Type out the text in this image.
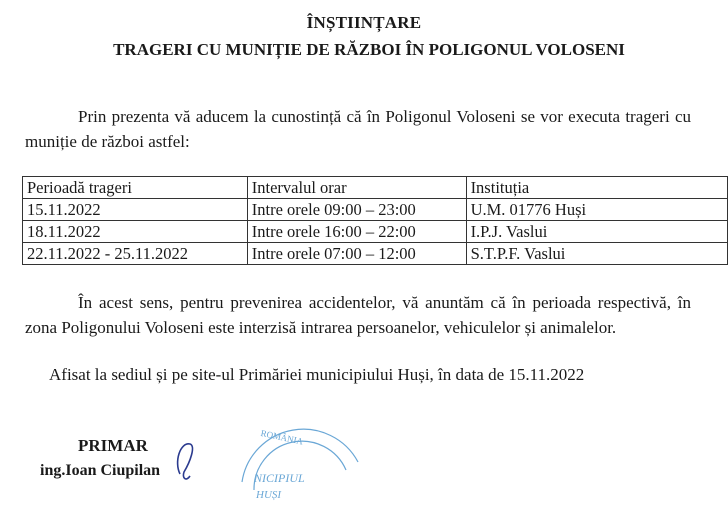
ÎNȘTIINȚARE
TRAGERI CU MUNIȚIE DE RĂZBOI ÎN POLIGONUL VOLOSENI
Prin prezenta vă aducem la cunostință că în Poligonul Voloseni se vor executa trageri cu muniție de război astfel:
Perioadă trageri	Intervalul orar	Instituția
15.11.2022	Intre orele 09:00 – 23:00	U.M. 01776 Huși
18.11.2022	Intre orele 16:00 – 22:00	I.P.J. Vaslui
22.11.2022 - 25.11.2022	Intre orele 07:00 – 12:00	S.T.P.F. Vaslui
În acest sens, pentru prevenirea accidentelor, vă anuntăm că în perioada respectivă, în zona Poligonului Voloseni este interzisă intrarea persoanelor, vehiculelor și animalelor.
Afisat la sediul și pe site-ul Primăriei municipiului Huși, în data de 15.11.2022
PRIMAR
ing.Ioan Ciupilan
ROMÂNIA
NICIPIUL
HUȘI
